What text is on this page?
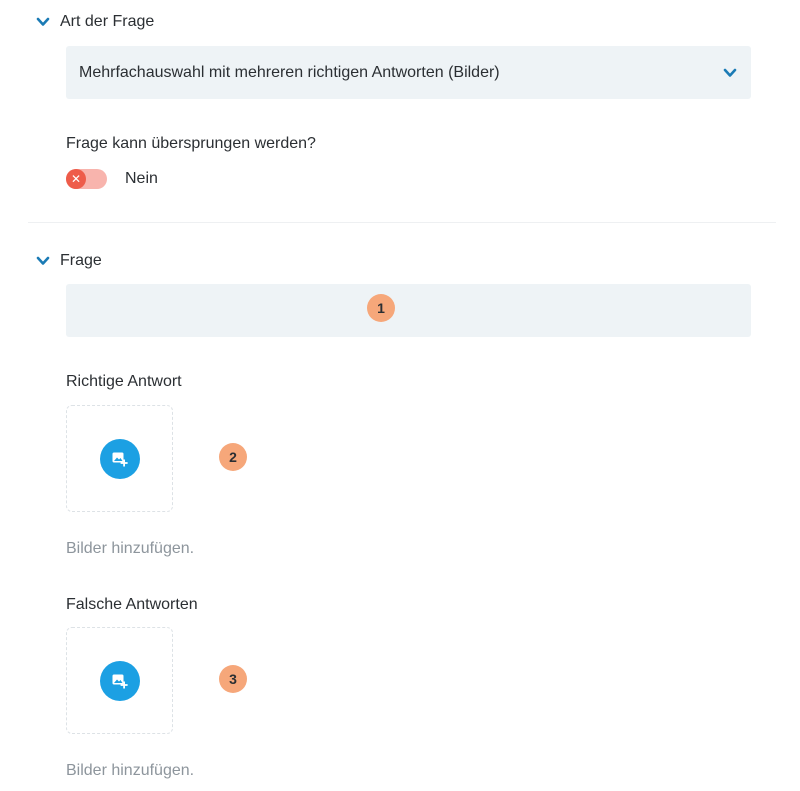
Art der Frage
Mehrfachauswahl mit mehreren richtigen Antworten (Bilder)
Frage kann übersprungen werden?
✕	Nein
Frage
1
Richtige Antwort
2
Bilder hinzufügen.
Falsche Antworten
3
Bilder hinzufügen.
